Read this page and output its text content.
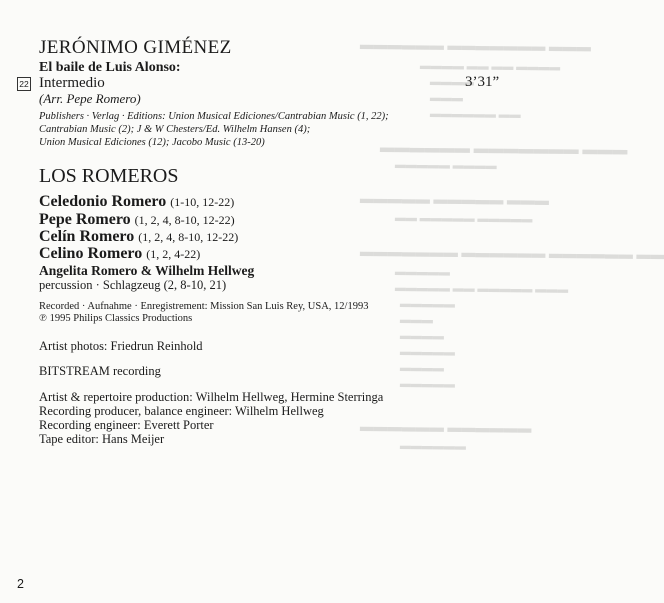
▬▬▬▬▬▬ ▬▬▬▬▬▬▬ ▬▬▬
▬▬▬▬ ▬▬ ▬▬ ▬▬▬▬
▬▬▬▬
▬▬▬
▬▬▬▬▬▬ ▬▬
▬▬▬▬▬▬ ▬▬▬▬▬▬▬ ▬▬▬
▬▬▬▬▬ ▬▬▬▬
▬▬▬▬▬ ▬▬▬▬▬ ▬▬▬
▬▬ ▬▬▬▬▬ ▬▬▬▬▬
▬▬▬▬▬▬▬ ▬▬▬▬▬▬ ▬▬▬▬▬▬ ▬▬
▬▬▬▬▬
▬▬▬▬▬ ▬▬ ▬▬▬▬▬ ▬▬▬
▬▬▬▬▬
▬▬▬
▬▬▬▬
▬▬▬▬▬
▬▬▬▬
▬▬▬▬▬
▬▬▬▬▬▬ ▬▬▬▬▬▬
▬▬▬▬▬▬
JERÓNIMO GIMÉNEZ
El baile de Luis Alonso:
22 Intermedio	3’31”
(Arr. Pepe Romero)
Publishers · Verlag · Editions: Union Musical Ediciones/Cantrabian Music (1, 22);
Cantrabian Music (2); J & W Chesters/Ed. Wilhelm Hansen (4);
Union Musical Ediciones (12); Jacobo Music (13-20)
LOS ROMEROS
Celedonio Romero (1-10, 12-22)
Pepe Romero (1, 2, 4, 8-10, 12-22)
Celín Romero (1, 2, 4, 8-10, 12-22)
Celino Romero (1, 2, 4-22)
Angelita Romero & Wilhelm Hellweg
percussion · Schlagzeug (2, 8-10, 21)
Recorded · Aufnahme · Enregistrement: Mission San Luis Rey, USA, 12/1993
℗ 1995 Philips Classics Productions
Artist photos: Friedrun Reinhold
BITSTREAM recording
Artist & repertoire production: Wilhelm Hellweg, Hermine Sterringa
Recording producer, balance engineer: Wilhelm Hellweg
Recording engineer: Everett Porter
Tape editor: Hans Meijer
2
